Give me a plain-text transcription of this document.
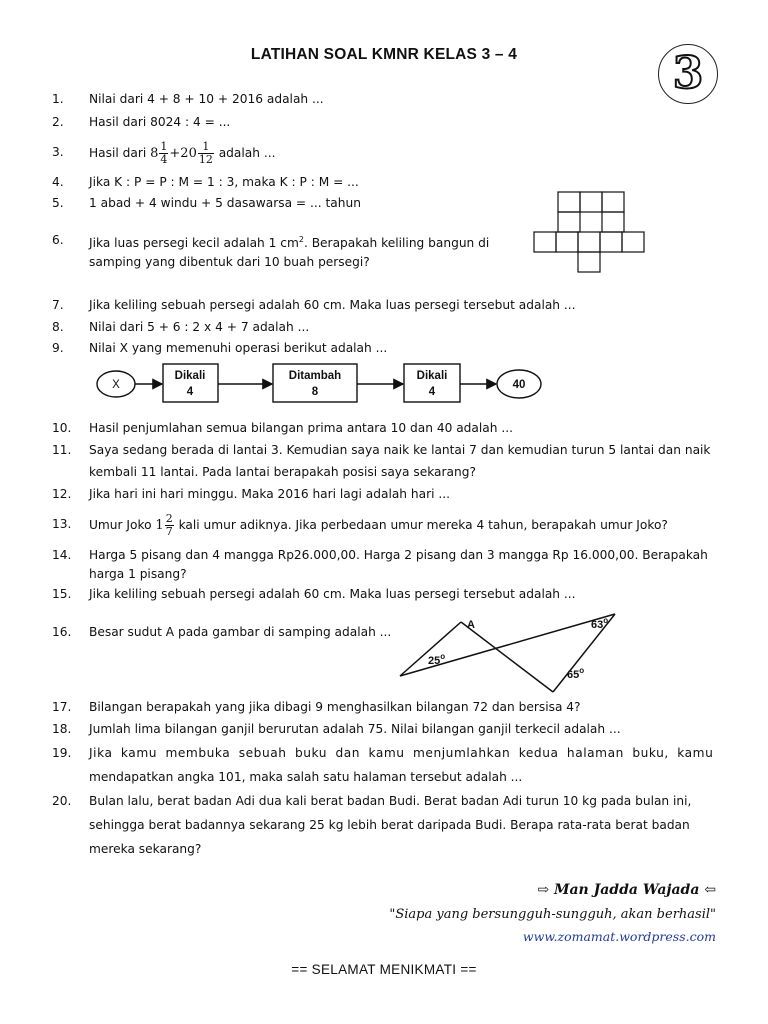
LATIHAN SOAL KMNR KELAS 3 – 4	3
1.	Nilai dari 4 + 8 + 10 + 2016 adalah ...
2.	Hasil dari 8024 : 4 = ...
3.	Hasil dari $8 \frac{1}{4} +20 \frac{1}{12}$ adalah ...
4.	Jika K : P = P : M = 1 : 3, maka K : P : M = ...
5.	1 abad + 4 windu + 5 dasawarsa = ... tahun
6.	Jika luas persegi kecil adalah 1 $cm^2$. Berapakah keliling bangun di
samping yang dibentuk dari 10 buah persegi?
7.	Jika keliling sebuah persegi adalah 60 cm. Maka luas persegi tersebut adalah ...
8.	Nilai dari 5 + 6 : 2 x 4 + 7 adalah ...
9.	Nilai X yang memenuhi operasi berikut adalah ...
X
Dikali
4
Ditambah
8
Dikali
4
40
10.	Hasil penjumlahan semua bilangan prima antara 10 dan 40 adalah ...
11.	Saya sedang berada di lantai 3. Kemudian saya naik ke lantai 7 dan kemudian turun 5 lantai dan naik
kembali 11 lantai. Pada lantai berapakah posisi saya sekarang?
12.	Jika hari ini hari minggu. Maka 2016 hari lagi adalah hari ...
13.	Umur Joko $1 \frac{2}{7}$ kali umur adiknya. Jika perbedaan umur mereka 4 tahun, berapakah umur Joko?
14.	Harga 5 pisang dan 4 mangga Rp26.000,00. Harga 2 pisang dan 3 mangga Rp 16.000,00. Berapakah
harga 1 pisang?
15.	Jika keliling sebuah persegi adalah 60 cm. Maka luas persegi tersebut adalah ...
16.	Besar sudut A pada gambar di samping adalah ...	A	63$^o$
25$^o$
65$^o$
17.	Bilangan berapakah yang jika dibagi 9 menghasilkan bilangan 72 dan bersisa 4?
18.	Jumlah lima bilangan ganjil berurutan adalah 75. Nilai bilangan ganjil terkecil adalah ...
19.	Jika kamu membuka sebuah buku dan kamu menjumlahkan kedua halaman buku, kamu
mendapatkan angka 101, maka salah satu halaman tersebut adalah ...
20.	Bulan lalu, berat badan Adi dua kali berat badan Budi. Berat badan Adi turun 10 kg pada bulan ini,
sehingga berat badannya sekarang 25 kg lebih berat daripada Budi. Berapa rata-rata berat badan
mereka sekarang?
⇨ Man Jadda Wajada ⇦
"Siapa yang bersungguh-sungguh, akan berhasil"
www.zomamat.wordpress.com
== SELAMAT MENIKMATI ==
